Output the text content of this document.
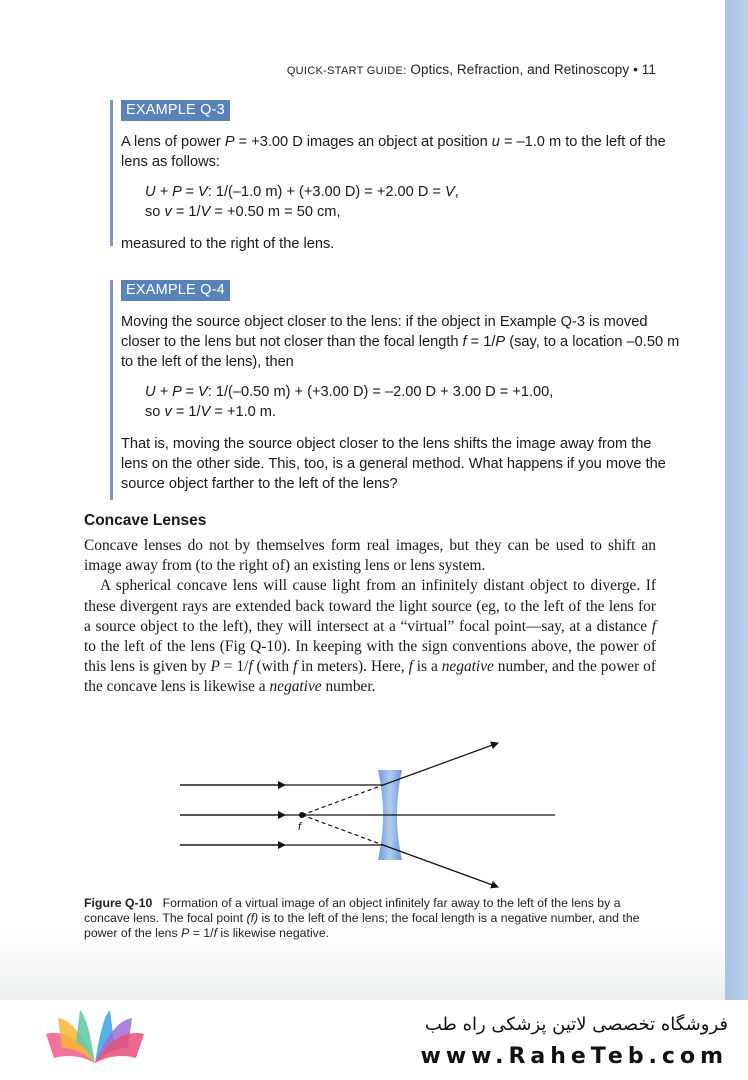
QUICK-START GUIDE: Optics, Refraction, and Retinoscopy • 11
EXAMPLE Q-3

A lens of power P = +3.00 D images an object at position u = –1.0 m to the left of the lens as follows:

U + P = V: 1/(–1.0 m) + (+3.00 D) = +2.00 D = V,

so v = 1/V = +0.50 m = 50 cm,

measured to the right of the lens.

EXAMPLE Q-4

Moving the source object closer to the lens: if the object in Example Q-3 is moved closer to the lens but not closer than the focal length f = 1/P (say, to a location –0.50 m to the left of the lens), then

U + P = V: 1/(–0.50 m) + (+3.00 D) = –2.00 D + 3.00 D = +1.00,

so v = 1/V = +1.0 m.

That is, moving the source object closer to the lens shifts the image away from the lens on the other side. This, too, is a general method. What happens if you move the source object farther to the left of the lens?

Concave Lenses

Concave lenses do not by themselves form real images, but they can be used to shift an image away from (to the right of) an existing lens or lens system.

A spherical concave lens will cause light from an infinitely distant object to diverge. If these divergent rays are extended back toward the light source (eg, to the left of the lens for a source object to the left), they will intersect at a “virtual” focal point—say, at a distance f to the left of the lens (Fig Q-10). In keeping with the sign conventions above, the power of this lens is given by P = 1/f (with f in meters). Here, f is a negative number, and the power of the concave lens is likewise a negative number.

f
Figure Q-10 Formation of a virtual image of an object infinitely far away to the left of the lens by a concave lens. The focal point (f) is to the left of the lens; the focal length is a negative number, and the power of the lens P = 1/f is likewise negative.
فروشگاه تخصصی لاتین پزشکی راه طب
www.RaheTeb.com
